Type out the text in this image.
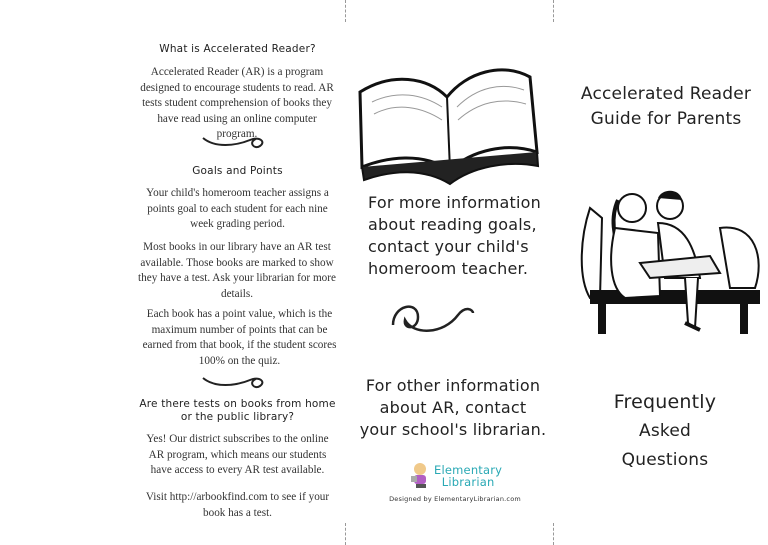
What is Accelerated Reader?
Accelerated Reader (AR) is a program designed to encourage students to read. AR tests student comprehension of books they have read using an online computer program.
Goals and Points
Your child's homeroom teacher assigns a points goal to each student for each nine week grading period.
Most books in our library have an AR test available. Those books are marked to show they have a test. Ask your librarian for more details.
Each book has a point value, which is the maximum number of points that can be earned from that book, if the student scores 100% on the quiz.
Are there tests on books from home
or the public library?
Yes! Our district subscribes to the online AR program, which means our students have access to every AR test available.
Visit http://arbookfind.com to see if your book has a test.
For more information
about reading goals,
contact your child's
homeroom teacher.
For other information
about AR, contact
your school's librarian.
Elementary
Librarian
Designed by ElementaryLibrarian.com
Accelerated Reader
Guide for Parents
Frequently
Asked
Questions
